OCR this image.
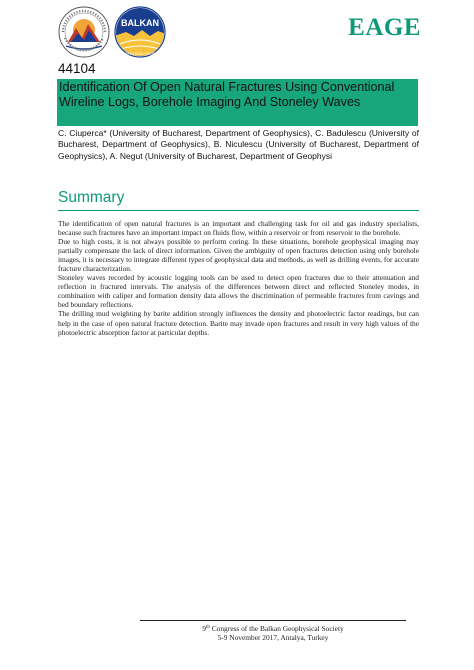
BALKAN
GEOPHYSICAL SOCIETY
EAGE
44104
Identification Of Open Natural Fractures Using Conventional Wireline Logs, Borehole Imaging And Stoneley Waves
C. Ciuperca* (University of Bucharest, Department of Geophysics), C. Badulescu (University of Bucharest, Department of Geophysics), B. Niculescu (University of Bucharest, Department of Geophysics), A. Negut (University of Bucharest, Department of Geophysi
Summary

The identification of open natural fractures is an important and challenging task for oil and gas industry specialists, because such fractures have an important impact on fluids flow, within a reservoir or from reservoir to the borehole.

Due to high costs, it is not always possible to perform coring. In these situations, borehole geophysical imaging may partially compensate the lack of direct information. Given the ambiguity of open fractures detection using only borehole images, it is necessary to integrate different types of geophysical data and methods, as well as drilling events, for accurate fracture characterization.

Stoneley waves recorded by acoustic logging tools can be used to detect open fractures due to their attenuation and reflection in fractured intervals. The analysis of the differences between direct and reflected Stoneley modes, in combination with caliper and formation density data allows the discrimination of permeable fractures from cavings and bed boundary reflections.

The drilling mud weighting by barite addition strongly influences the density and photoelectric factor readings, but can help in the case of open natural fracture detection. Barite may invade open fractures and result in very high values of the photoelectric absorption factor at particular depths.

9th Congress of the Balkan Geophysical Society
5-9 November 2017, Antalya, Turkey
